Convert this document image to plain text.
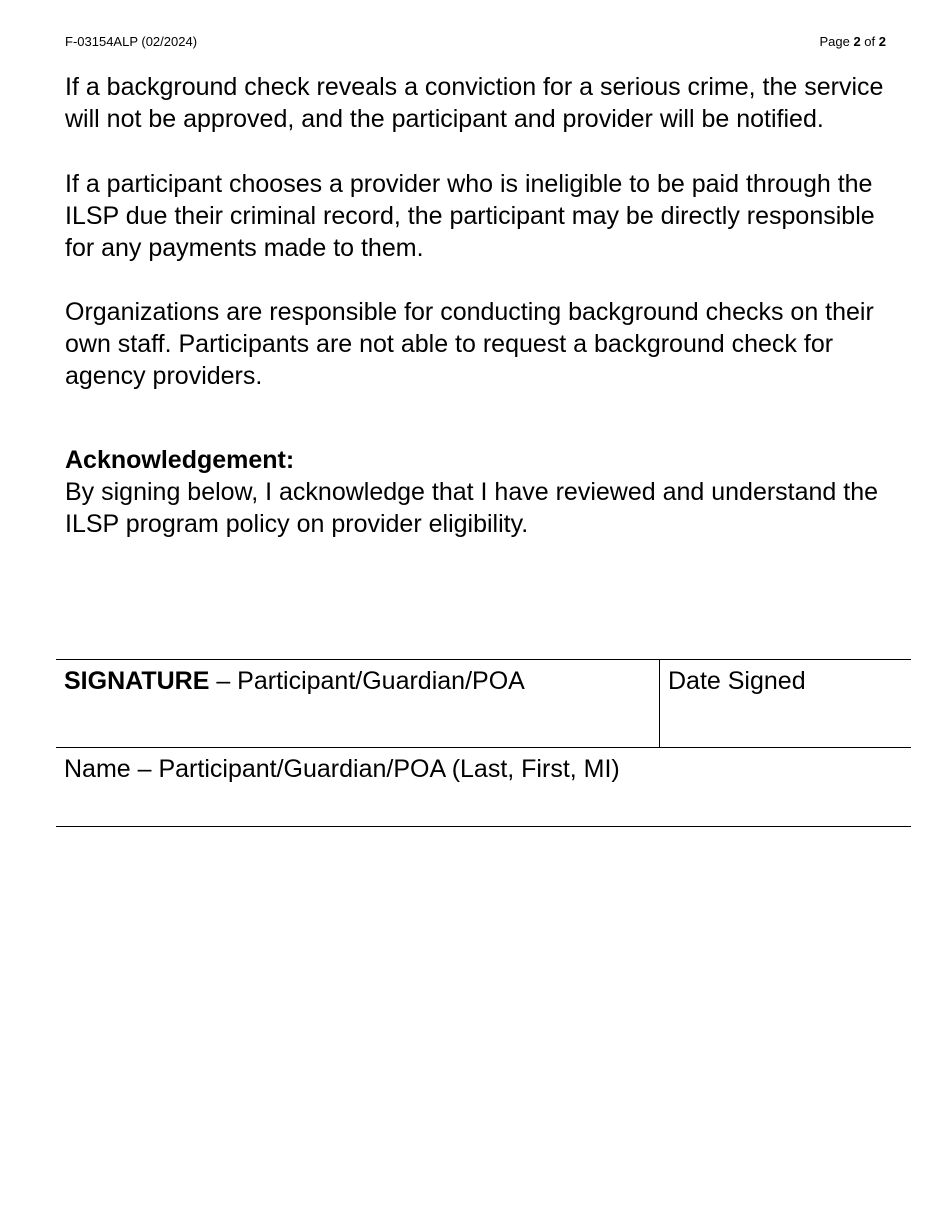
F-03154ALP (02/2024)	Page 2 of 2

If a background check reveals a conviction for a serious crime, the service will not be approved, and the participant and provider will be notified.

If a participant chooses a provider who is ineligible to be paid through the ILSP due their criminal record, the participant may be directly responsible for any payments made to them.

Organizations are responsible for conducting background checks on their own staff. Participants are not able to request a background check for agency providers.

Acknowledgement:

By signing below, I acknowledge that I have reviewed and understand the ILSP program policy on provider eligibility.

SIGNATURE – Participant/Guardian/POA	Date Signed
Name – Participant/Guardian/POA (Last, First, MI)
